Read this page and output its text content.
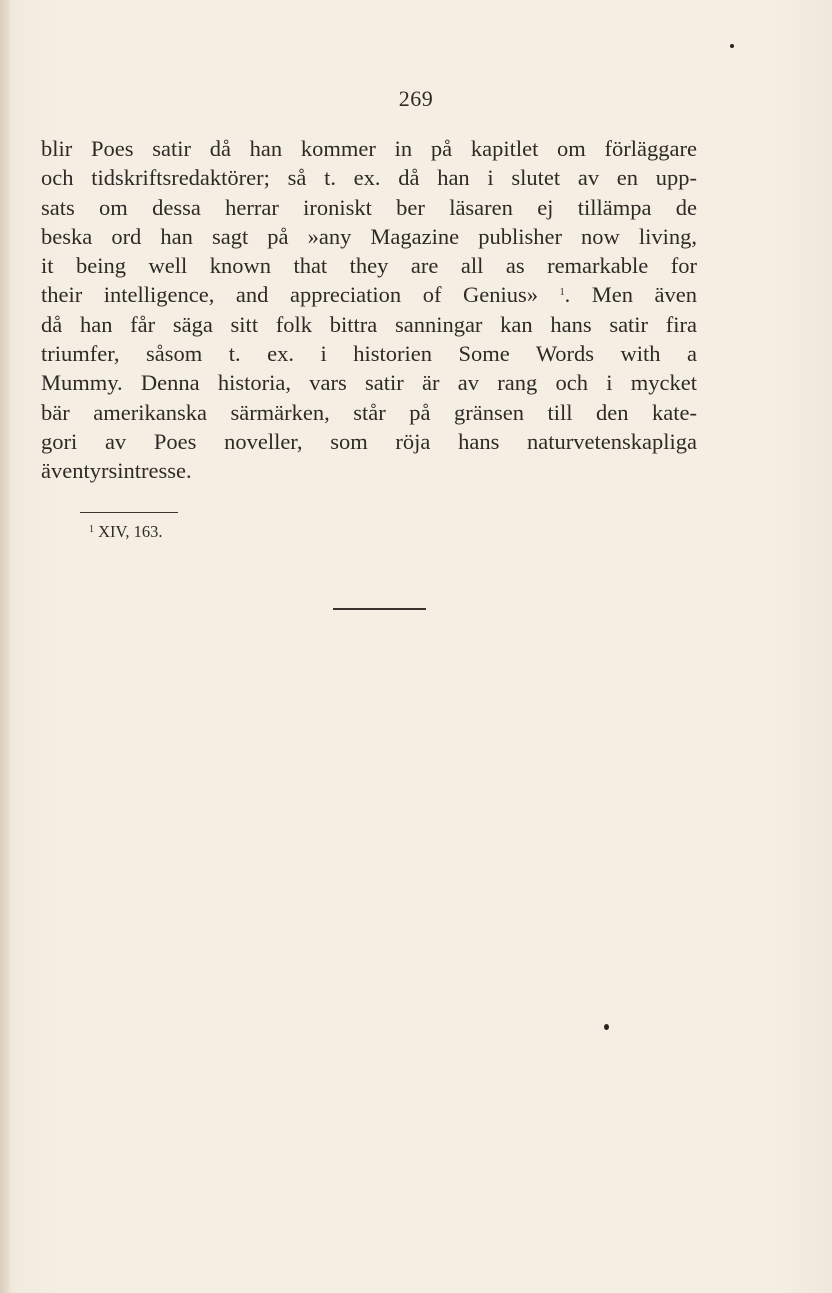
269
blir Poes satir då han kommer in på kapitlet om förläggare
och tidskriftsredaktörer; så t. ex. då han i slutet av en upp-
sats om dessa herrar ironiskt ber läsaren ej tillämpa de
beska ord han sagt på »any Magazine publisher now living,
it being well known that they are all as remarkable for
their intelligence, and appreciation of Genius» $^1$. Men även
då han får säga sitt folk bittra sanningar kan hans satir fira
triumfer, såsom t. ex. i historien Some Words with a
Mummy. Denna historia, vars satir är av rang och i mycket
bär amerikanska särmärken, står på gränsen till den kate-
gori av Poes noveller, som röja hans naturvetenskapliga
äventyrsintresse.
$^1$ XIV, 163.
